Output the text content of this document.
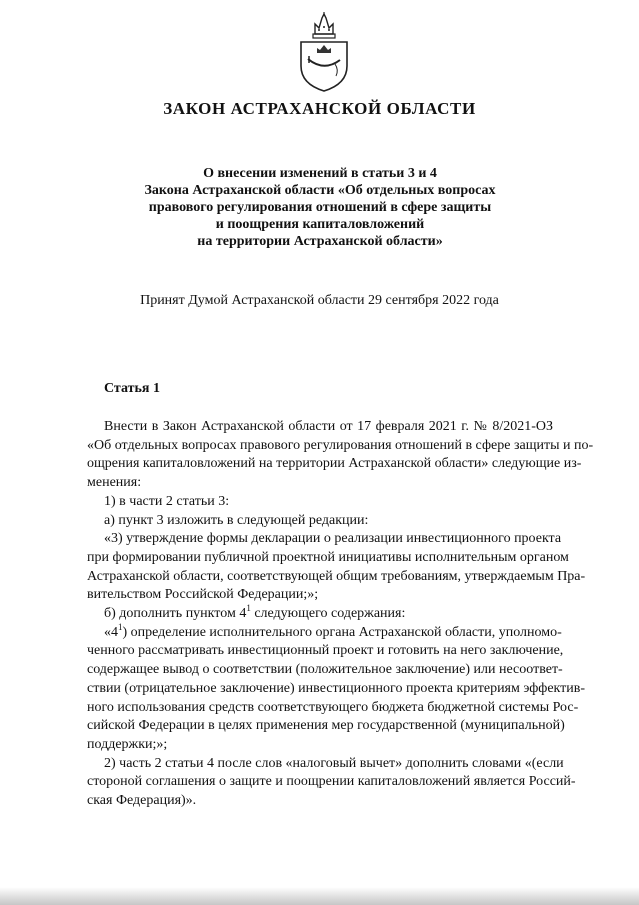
ЗАКОН АСТРАХАНСКОЙ ОБЛАСТИ
О внесении изменений в статьи 3 и 4
Закона Астраханской области «Об отдельных вопросах
правового регулирования отношений в сфере защиты
и поощрения капиталовложений
на территории Астраханской области»
Принят Думой Астраханской области 29 сентября 2022 года
Статья 1
Внести в Закон Астраханской области от 17 февраля 2021 г. № 8/2021-ОЗ
«Об отдельных вопросах правового регулирования отношений в сфере защиты и по-
ощрения капиталовложений на территории Астраханской области» следующие из-
менения:
1) в части 2 статьи 3:
а) пункт 3 изложить в следующей редакции:
«3) утверждение формы декларации о реализации инвестиционного проекта
при формировании публичной проектной инициативы исполнительным органом
Астраханской области, соответствующей общим требованиям, утверждаемым Пра-
вительством Российской Федерации;»;
б) дополнить пунктом $4^1$ следующего содержания:
«$4^1$) определение исполнительного органа Астраханской области, уполномо-
ченного рассматривать инвестиционный проект и готовить на него заключение,
содержащее вывод о соответствии (положительное заключение) или несоответ-
ствии (отрицательное заключение) инвестиционного проекта критериям эффектив-
ного использования средств соответствующего бюджета бюджетной системы Рос-
сийской Федерации в целях применения мер государственной (муниципальной)
поддержки;»;
2) часть 2 статьи 4 после слов «налоговый вычет» дополнить словами «(если
стороной соглашения о защите и поощрении капиталовложений является Россий-
ская Федерация)».
